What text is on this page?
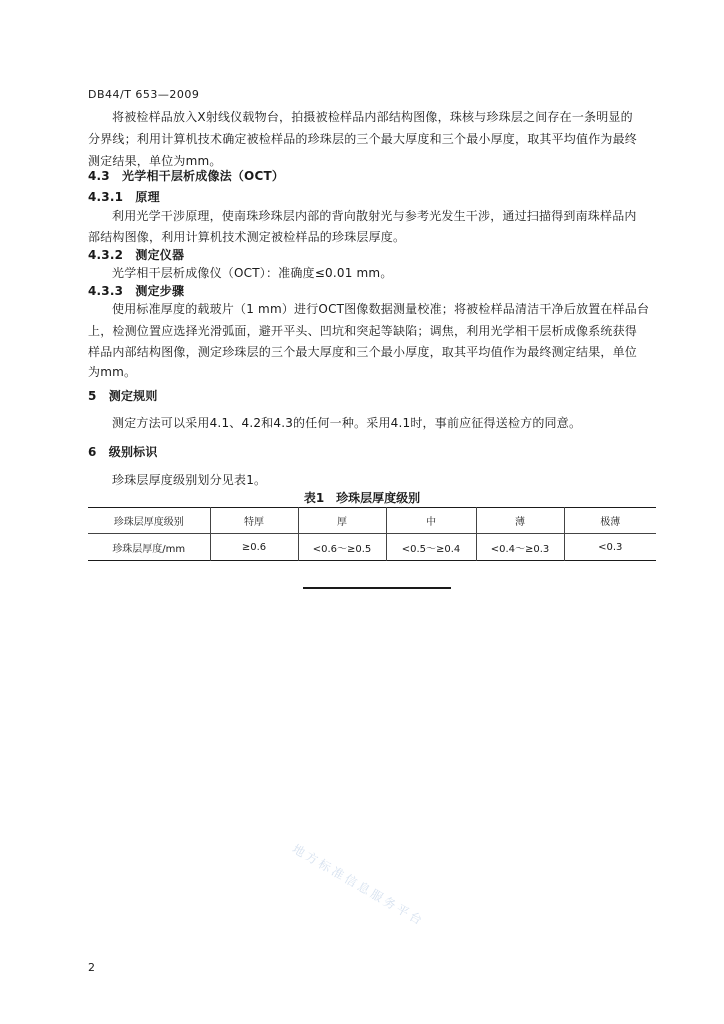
DB44/T 653—2009
将被检样品放入X射线仪载物台，拍摄被检样品内部结构图像，珠核与珍珠层之间存在一条明显的
分界线；利用计算机技术确定被检样品的珍珠层的三个最大厚度和三个最小厚度，取其平均值作为最终
测定结果，单位为mm。
4.3　光学相干层析成像法（OCT）
4.3.1　原理
利用光学干涉原理，使南珠珍珠层内部的背向散射光与参考光发生干涉，通过扫描得到南珠样品内
部结构图像，利用计算机技术测定被检样品的珍珠层厚度。
4.3.2　测定仪器
光学相干层析成像仪（OCT）：准确度≤0.01 mm。
4.3.3　测定步骤
使用标准厚度的载玻片（1 mm）进行OCT图像数据测量校准；将被检样品清洁干净后放置在样品台
上，检测位置应选择光滑弧面，避开平头、凹坑和突起等缺陷；调焦，利用光学相干层析成像系统获得
样品内部结构图像，测定珍珠层的三个最大厚度和三个最小厚度，取其平均值作为最终测定结果，单位
为mm。
5　测定规则
测定方法可以采用4.1、4.2和4.3的任何一种。采用4.1时，事前应征得送检方的同意。
6　级别标识
珍珠层厚度级别划分见表1。
表1　珍珠层厚度级别
珍珠层厚度级别	特厚	厚	中	薄	极薄
珍珠层厚度/mm	≥0.6	<0.6～≥0.5	<0.5～≥0.4	<0.4～≥0.3	<0.3
地方标准信息服务平台
2
